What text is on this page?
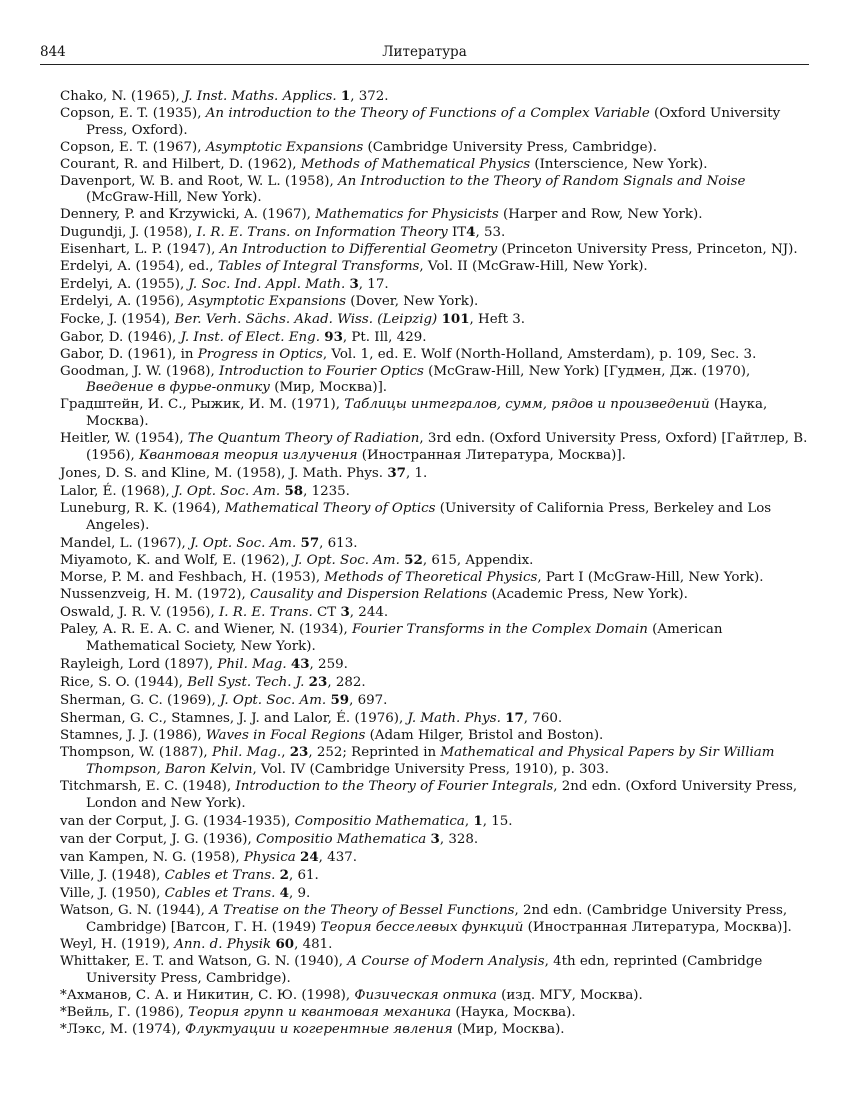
844	Литература

Chako, N. (1965), J. Inst. Maths. Applics. 1, 372.

Copson, E. T. (1935), An introduction to the Theory of Functions of a Complex Variable (Oxford University Press, Oxford).

Copson, E. T. (1967), Asymptotic Expansions (Cambridge University Press, Cambridge).

Courant, R. and Hilbert, D. (1962), Methods of Mathematical Physics (Interscience, New York).

Davenport, W. B. and Root, W. L. (1958), An Introduction to the Theory of Random Signals and Noise (McGraw-Hill, New York).

Dennery, P. and Krzywicki, A. (1967), Mathematics for Physicists (Harper and Row, New York).

Dugundji, J. (1958), I. R. E. Trans. on Information Theory IT4, 53.

Eisenhart, L. P. (1947), An Introduction to Differential Geometry (Princeton University Press, Princeton, NJ).

Erdelyi, A. (1954), ed., Tables of Integral Transforms, Vol. II (McGraw-Hill, New York).

Erdelyi, A. (1955), J. Soc. Ind. Appl. Math. 3, 17.

Erdelyi, A. (1956), Asymptotic Expansions (Dover, New York).

Focke, J. (1954), Ber. Verh. Sächs. Akad. Wiss. (Leipzig) 101, Heft 3.

Gabor, D. (1946), J. Inst. of Elect. Eng. 93, Pt. Ill, 429.

Gabor, D. (1961), in Progress in Optics, Vol. 1, ed. E. Wolf (North-Holland, Amsterdam), p. 109, Sec. 3.

Goodman, J. W. (1968), Introduction to Fourier Optics (McGraw-Hill, New York) [Гудмен, Дж. (1970), Введение в фурье-оптику (Мир, Москва)].

Градштейн, И. С., Рыжик, И. М. (1971), Таблицы интегралов, сумм, рядов и произведений (Наука, Москва).

Heitler, W. (1954), The Quantum Theory of Radiation, 3rd edn. (Oxford University Press, Oxford) [Гайтлер, В. (1956), Квантовая теория излучения (Иностранная Литература, Москва)].

Jones, D. S. and Kline, M. (1958), J. Math. Phys. 37, 1.

Lalor, É. (1968), J. Opt. Soc. Am. 58, 1235.

Luneburg, R. K. (1964), Mathematical Theory of Optics (University of California Press, Berkeley and Los Angeles).

Mandel, L. (1967), J. Opt. Soc. Am. 57, 613.

Miyamoto, K. and Wolf, E. (1962), J. Opt. Soc. Am. 52, 615, Appendix.

Morse, P. M. and Feshbach, H. (1953), Methods of Theoretical Physics, Part I (McGraw-Hill, New York).

Nussenzveig, H. M. (1972), Causality and Dispersion Relations (Academic Press, New York).

Oswald, J. R. V. (1956), I. R. E. Trans. CT 3, 244.

Paley, A. R. E. A. C. and Wiener, N. (1934), Fourier Transforms in the Complex Domain (American Mathematical Society, New York).

Rayleigh, Lord (1897), Phil. Mag. 43, 259.

Rice, S. O. (1944), Bell Syst. Tech. J. 23, 282.

Sherman, G. C. (1969), J. Opt. Soc. Am. 59, 697.

Sherman, G. C., Stamnes, J. J. and Lalor, É. (1976), J. Math. Phys. 17, 760.

Stamnes, J. J. (1986), Waves in Focal Regions (Adam Hilger, Bristol and Boston).

Thompson, W. (1887), Phil. Mag., 23, 252; Reprinted in Mathematical and Physical Papers by Sir William Thompson, Baron Kelvin, Vol. IV (Cambridge University Press, 1910), p. 303.

Titchmarsh, E. C. (1948), Introduction to the Theory of Fourier Integrals, 2nd edn. (Oxford University Press, London and New York).

van der Corput, J. G. (1934-1935), Compositio Mathematica, 1, 15.

van der Corput, J. G. (1936), Compositio Mathematica 3, 328.

van Kampen, N. G. (1958), Physica 24, 437.

Ville, J. (1948), Cables et Trans. 2, 61.

Ville, J. (1950), Cables et Trans. 4, 9.

Watson, G. N. (1944), A Treatise on the Theory of Bessel Functions, 2nd edn. (Cambridge University Press, Cambridge) [Ватсон, Г. Н. (1949) Теория бесселевых функций (Иностранная Литература, Москва)].

Weyl, H. (1919), Ann. d. Physik 60, 481.

Whittaker, E. T. and Watson, G. N. (1940), A Course of Modern Analysis, 4th edn, reprinted (Cambridge University Press, Cambridge).

*Ахманов, С. А. и Никитин, С. Ю. (1998), Физическая оптика (изд. МГУ, Москва).

*Вейль, Г. (1986), Теория групп и квантовая механика (Наука, Москва).

*Лэкс, М. (1974), Флуктуации и когерентные явления (Мир, Москва).
